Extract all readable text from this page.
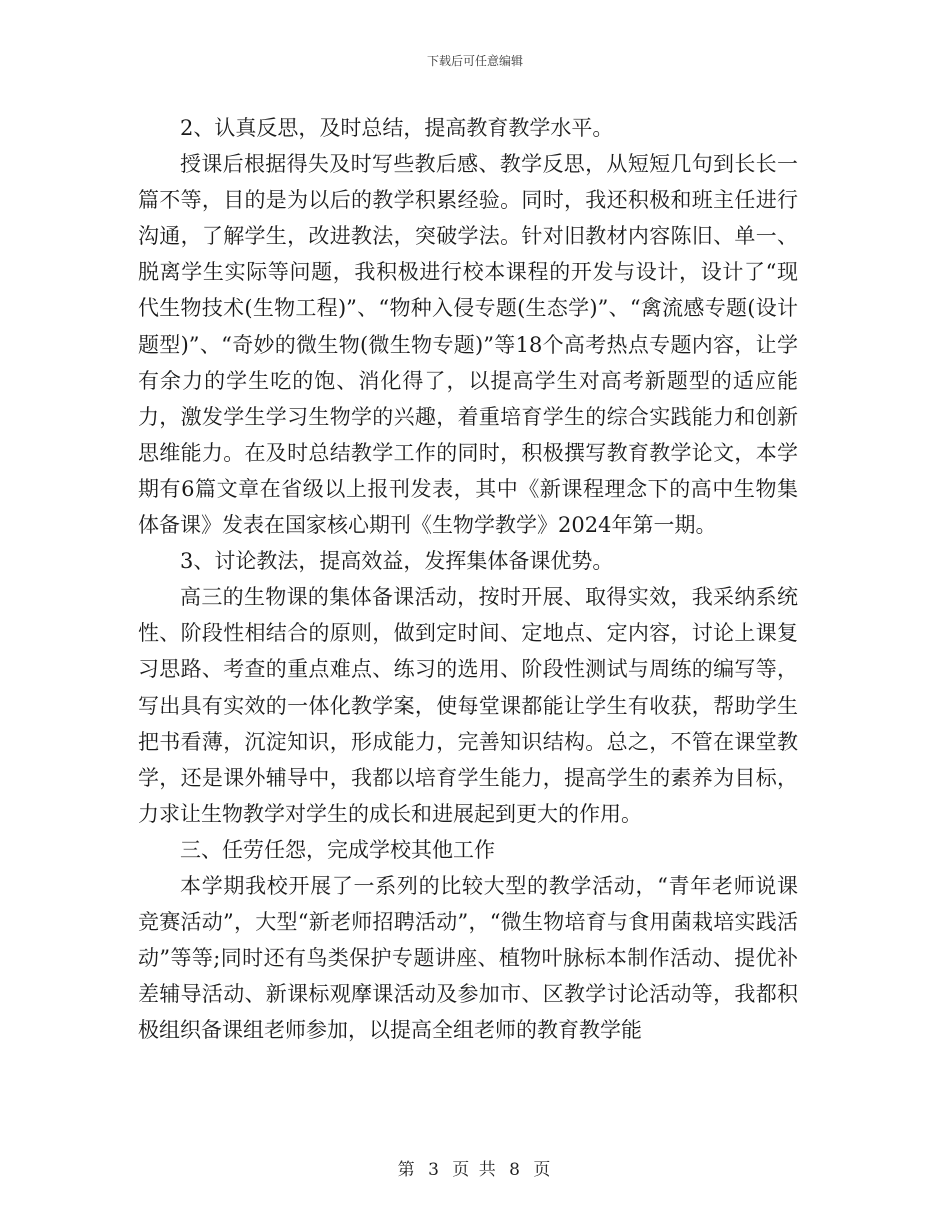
下载后可任意编辑

2、认真反思，及时总结，提高教育教学水平。

授课后根据得失及时写些教后感、教学反思，从短短几句到长长一篇不等，目的是为以后的教学积累经验。同时，我还积极和班主任进行沟通，了解学生，改进教法，突破学法。针对旧教材内容陈旧、单一、脱离学生实际等问题，我积极进行校本课程的开发与设计，设计了“现代生物技术(生物工程)”、“物种入侵专题(生态学)”、“禽流感专题(设计题型)”、“奇妙的微生物(微生物专题)”等18个高考热点专题内容，让学有余力的学生吃的饱、消化得了，以提高学生对高考新题型的适应能力，激发学生学习生物学的兴趣，着重培育学生的综合实践能力和创新思维能力。在及时总结教学工作的同时，积极撰写教育教学论文，本学期有6篇文章在省级以上报刊发表，其中《新课程理念下的高中生物集体备课》发表在国家核心期刊《生物学教学》2024年第一期。

3、讨论教法，提高效益，发挥集体备课优势。

高三的生物课的集体备课活动，按时开展、取得实效，我采纳系统性、阶段性相结合的原则，做到定时间、定地点、定内容，讨论上课复习思路、考查的重点难点、练习的选用、阶段性测试与周练的编写等，写出具有实效的一体化教学案，使每堂课都能让学生有收获，帮助学生把书看薄，沉淀知识，形成能力，完善知识结构。总之，不管在课堂教学，还是课外辅导中，我都以培育学生能力，提高学生的素养为目标，力求让生物教学对学生的成长和进展起到更大的作用。

三、任劳任怨，完成学校其他工作

本学期我校开展了一系列的比较大型的教学活动，“青年老师说课竞赛活动”，大型“新老师招聘活动”，“微生物培育与食用菌栽培实践活动”等等;同时还有鸟类保护专题讲座、植物叶脉标本制作活动、提优补差辅导活动、新课标观摩课活动及参加市、区教学讨论活动等，我都积极组织备课组老师参加，以提高全组老师的教育教学能

第 3 页 共 8 页
